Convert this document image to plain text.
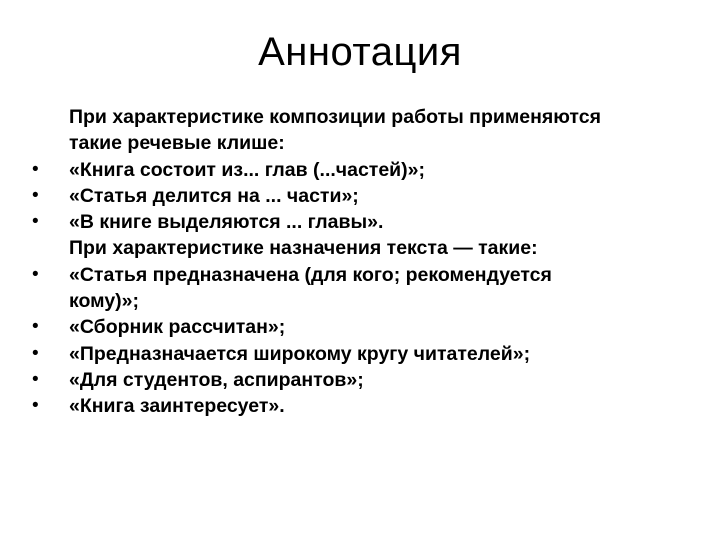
Аннотация
При характеристике композиции работы применяются
такие речевые клише:
• «Книга состоит из... глав (...частей)»;
• «Статья делится на ... части»;
• «В книге выделяются ... главы».
При характеристике назначения текста — такие:
• «Статья предназначена (для кого; рекомендуется
кому)»;
• «Сборник рассчитан»;
• «Предназначается широкому кругу читателей»;
• «Для студентов, аспирантов»;
• «Книга заинтересует».
